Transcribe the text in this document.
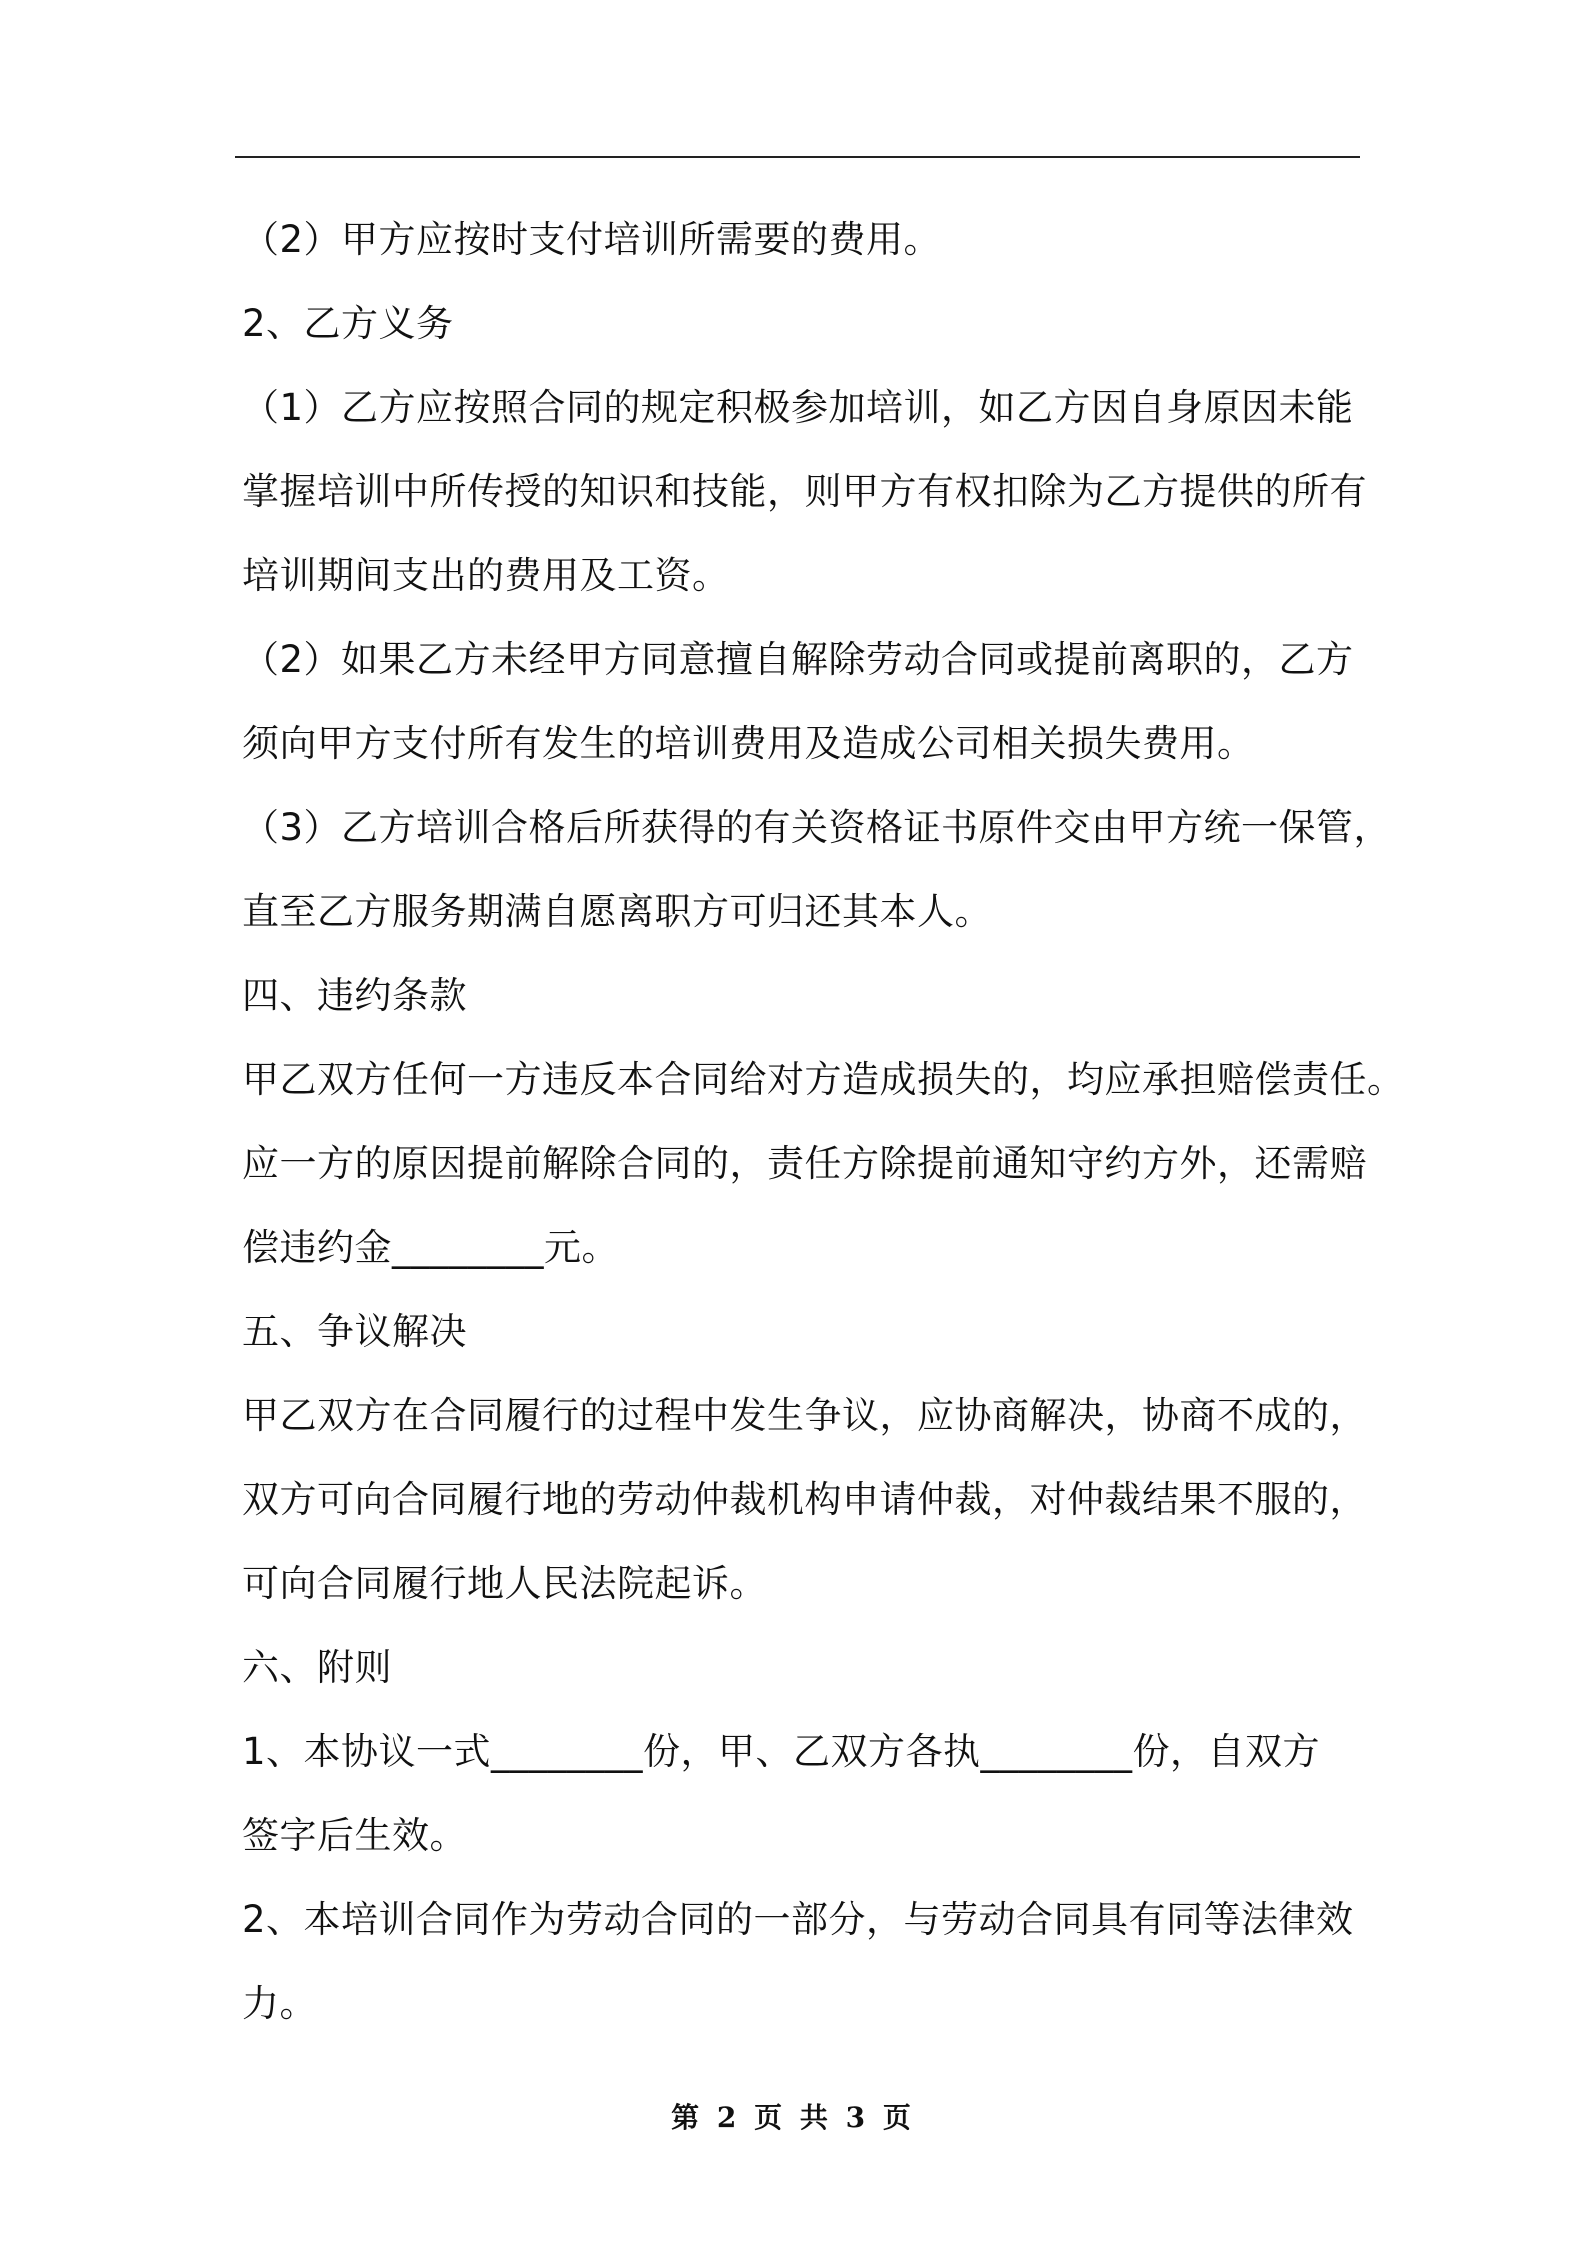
（2）甲方应按时支付培训所需要的费用。
2、乙方义务
（1）乙方应按照合同的规定积极参加培训，如乙方因自身原因未能
掌握培训中所传授的知识和技能，则甲方有权扣除为乙方提供的所有
培训期间支出的费用及工资。
（2）如果乙方未经甲方同意擅自解除劳动合同或提前离职的，乙方
须向甲方支付所有发生的培训费用及造成公司相关损失费用。
（3）乙方培训合格后所获得的有关资格证书原件交由甲方统一保管，
直至乙方服务期满自愿离职方可归还其本人。
四、违约条款
甲乙双方任何一方违反本合同给对方造成损失的，均应承担赔偿责任。
应一方的原因提前解除合同的，责任方除提前通知守约方外，还需赔
偿违约金________元。
五、争议解决
甲乙双方在合同履行的过程中发生争议，应协商解决，协商不成的，
双方可向合同履行地的劳动仲裁机构申请仲裁，对仲裁结果不服的，
可向合同履行地人民法院起诉。
六、附则
1、本协议一式________份，甲、乙双方各执________份，自双方
签字后生效。
2、本培训合同作为劳动合同的一部分，与劳动合同具有同等法律效
力。
第 2 页 共 3 页
